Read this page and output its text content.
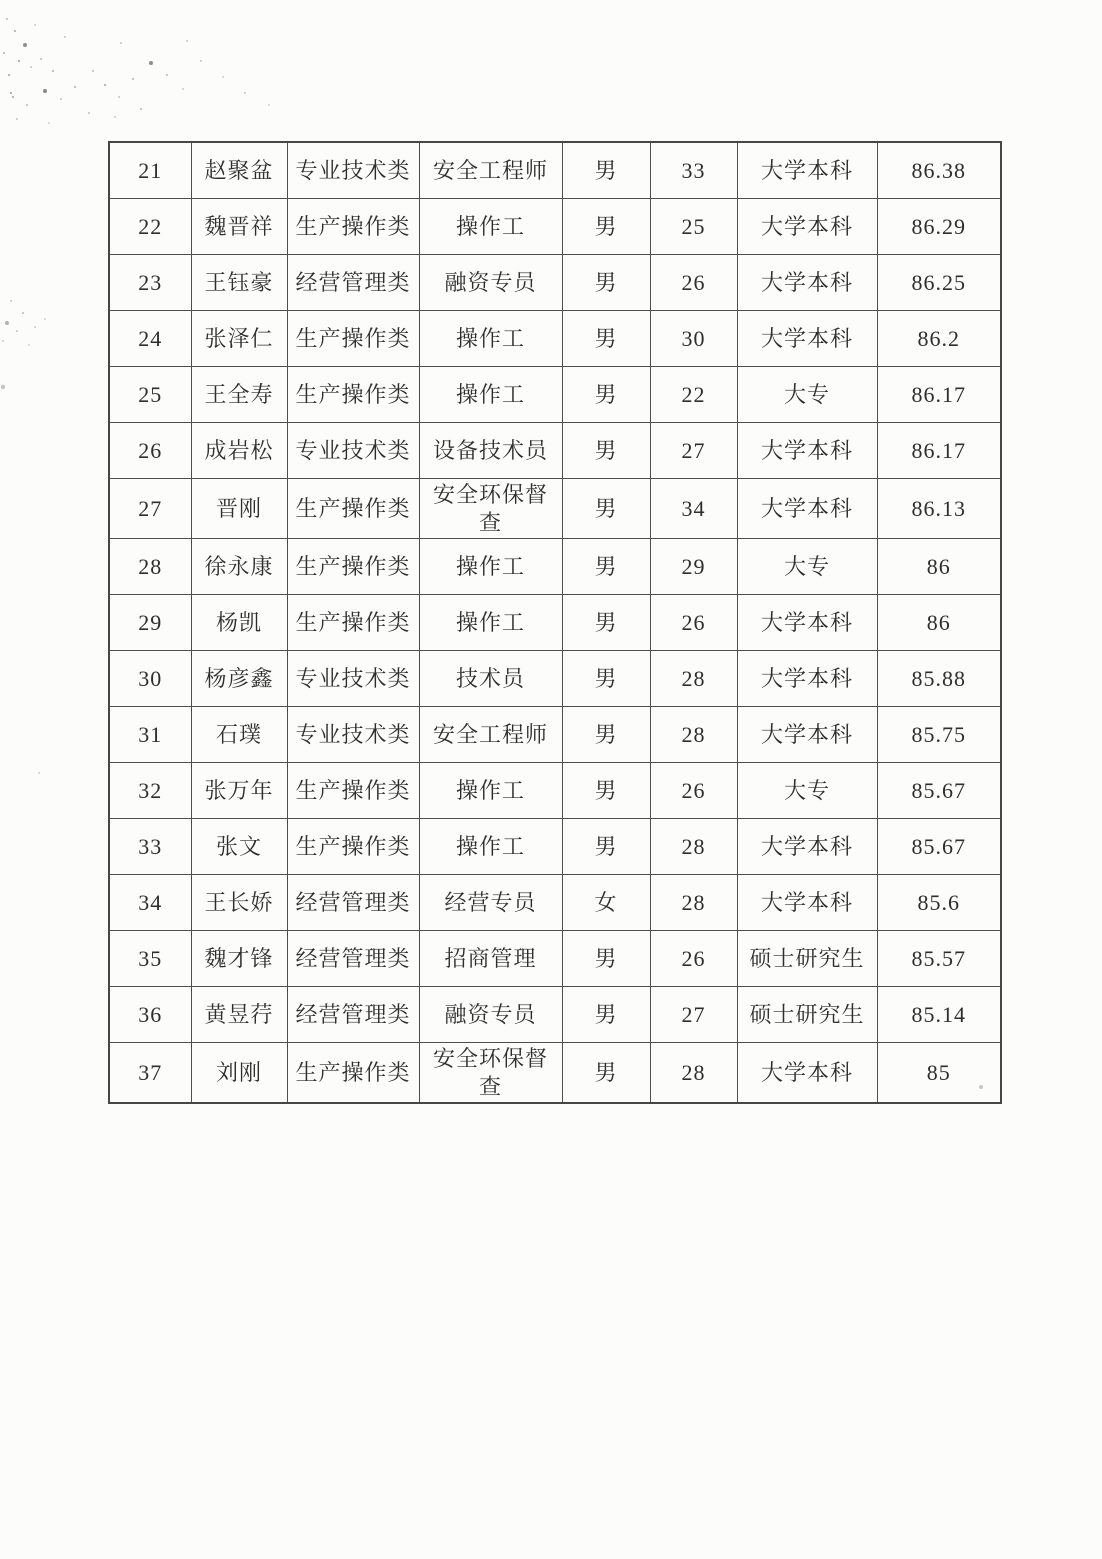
21	赵聚盆	专业技术类	安全工程师	男	33	大学本科	86.38
22	魏晋祥	生产操作类	操作工	男	25	大学本科	86.29
23	王钰豪	经营管理类	融资专员	男	26	大学本科	86.25
24	张泽仁	生产操作类	操作工	男	30	大学本科	86.2
25	王全寿	生产操作类	操作工	男	22	大专	86.17
26	成岩松	专业技术类	设备技术员	男	27	大学本科	86.17
27	晋刚	生产操作类	安全环保督查	男	34	大学本科	86.13
28	徐永康	生产操作类	操作工	男	29	大专	86
29	杨凯	生产操作类	操作工	男	26	大学本科	86
30	杨彦鑫	专业技术类	技术员	男	28	大学本科	85.88
31	石璞	专业技术类	安全工程师	男	28	大学本科	85.75
32	张万年	生产操作类	操作工	男	26	大专	85.67
33	张文	生产操作类	操作工	男	28	大学本科	85.67
34	王长娇	经营管理类	经营专员	女	28	大学本科	85.6
35	魏才锋	经营管理类	招商管理	男	26	硕士研究生	85.57
36	黄昱荇	经营管理类	融资专员	男	27	硕士研究生	85.14
37	刘刚	生产操作类	安全环保督查	男	28	大学本科	85
